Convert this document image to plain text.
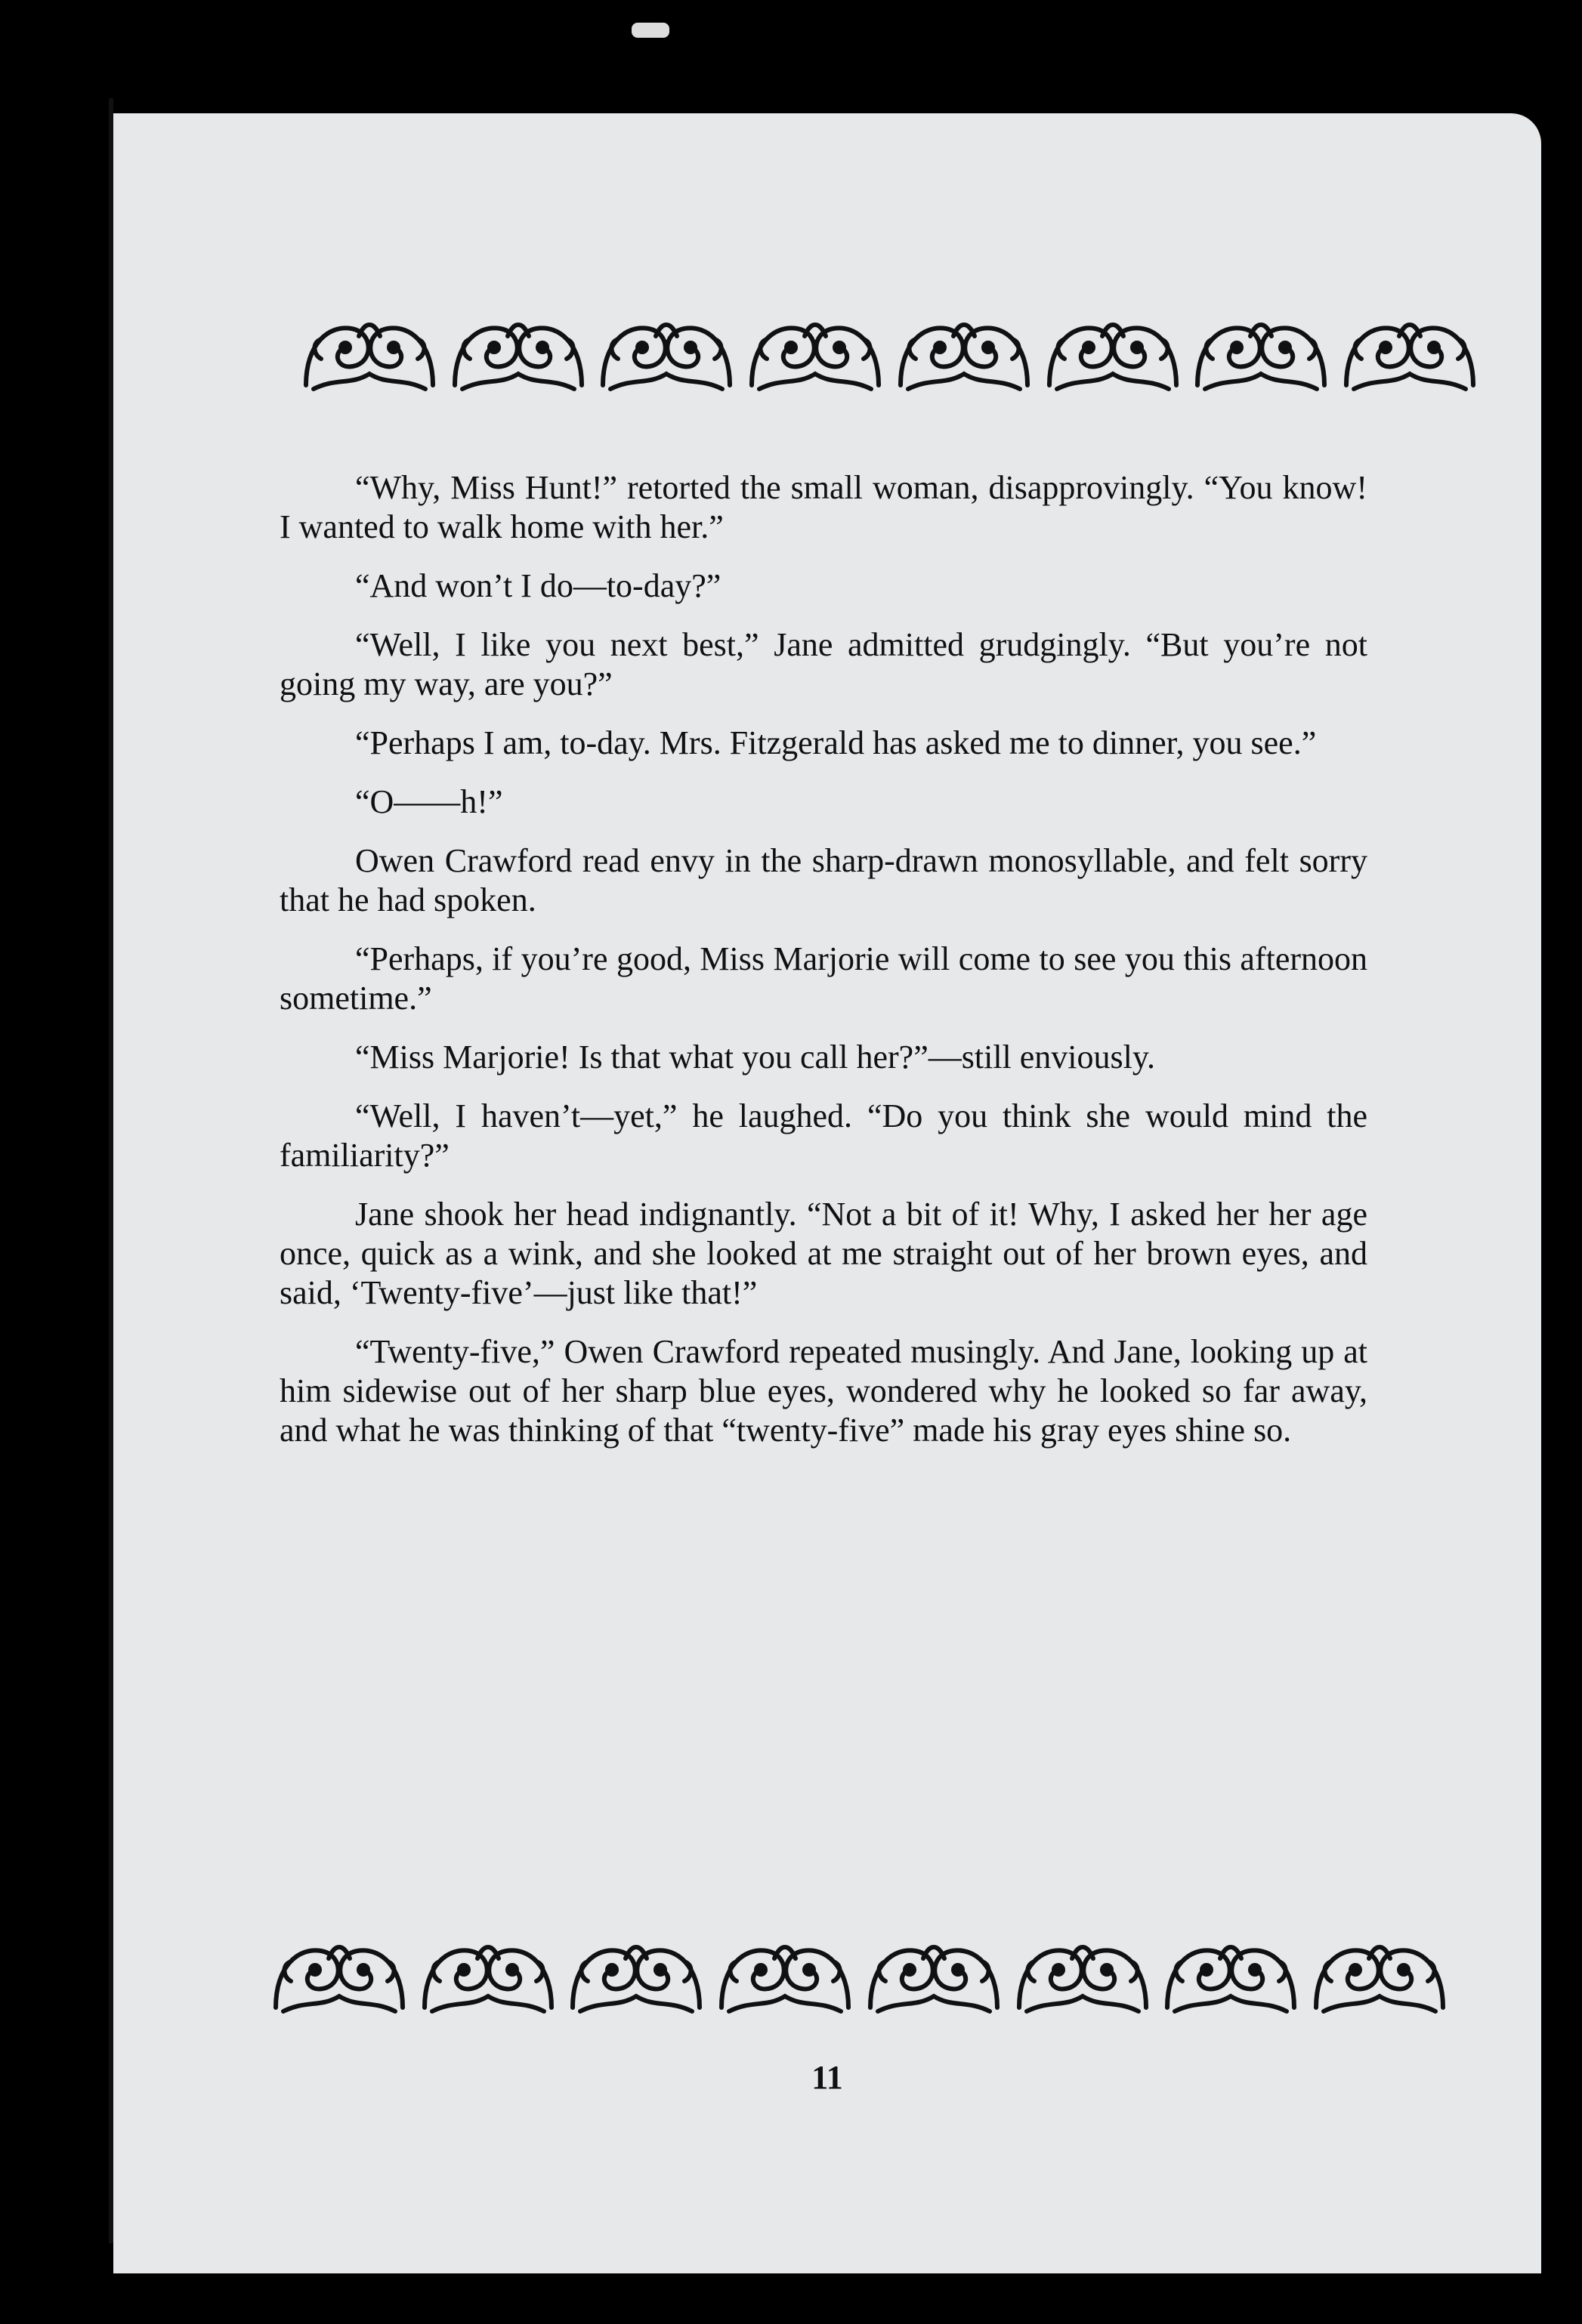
“Why, Miss Hunt!” retorted the small woman, disapprovingly. “You know! I wanted to walk home with her.”

“And won’t I do—to-day?”

“Well, I like you next best,” Jane admitted grudgingly. “But you’re not going my way, are you?”

“Perhaps I am, to-day. Mrs. Fitzgerald has asked me to dinner, you see.”

“O——h!”

Owen Crawford read envy in the sharp-drawn monosyllable, and felt sorry that he had spoken.

“Perhaps, if you’re good, Miss Marjorie will come to see you this afternoon sometime.”

“Miss Marjorie! Is that what you call her?”—still enviously.

“Well, I haven’t—yet,” he laughed. “Do you think she would mind the familiarity?”

Jane shook her head indignantly. “Not a bit of it! Why, I asked her her age once, quick as a wink, and she looked at me straight out of her brown eyes, and said, ‘Twenty-five’—just like that!”

“Twenty-five,” Owen Crawford repeated musingly. And Jane, looking up at him sidewise out of her sharp blue eyes, wondered why he looked so far away, and what he was thinking of that “twenty-five” made his gray eyes shine so.

11
